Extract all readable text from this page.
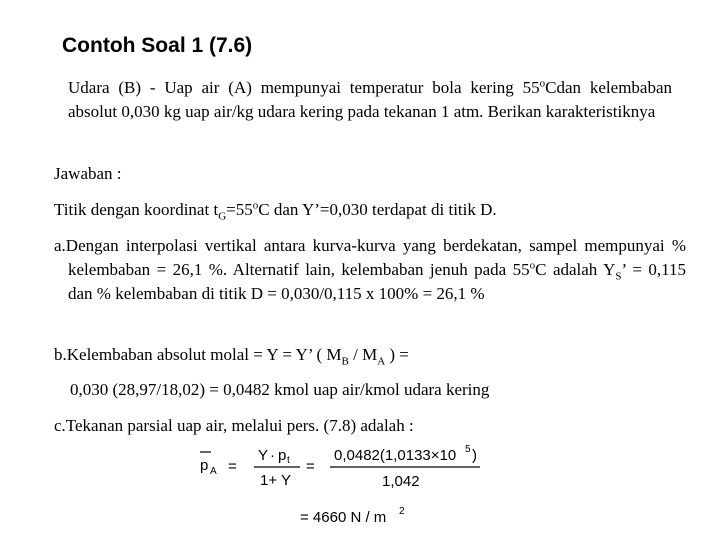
Contoh Soal 1 (7.6)

Udara (B) - Uap air (A) mempunyai temperatur bola kering 55$^o$Cdan kelembaban absolut 0,030 kg uap air/kg udara kering pada tekanan 1 atm. Berikan karakteristiknya

Jawaban :

Titik dengan koordinat $t_G=55^oC$ dan Y’=0,030 terdapat di titik D.

a.Dengan interpolasi vertikal antara kurva-kurva yang berdekatan, sampel mempunyai % kelembaban = 26,1 %. Alternatif lain, kelembaban jenuh pada 55$^o$C adalah $Y_S$’ = 0,115 dan % kelembaban di titik D = 0,030/0,115 x 100% = 26,1 %

b.Kelembaban absolut molal = Y = Y’ ( $M_B / M_A$ ) =

0,030 (28,97/18,02) = 0,0482 kmol uap air/kmol udara kering

c.Tekanan parsial uap air, melalui pers. (7.8) adalah :

p A =
Y · p t
1+ Y
=
0,0482(1,0133×10 5 )
1,042
= 4660 N / m 2
